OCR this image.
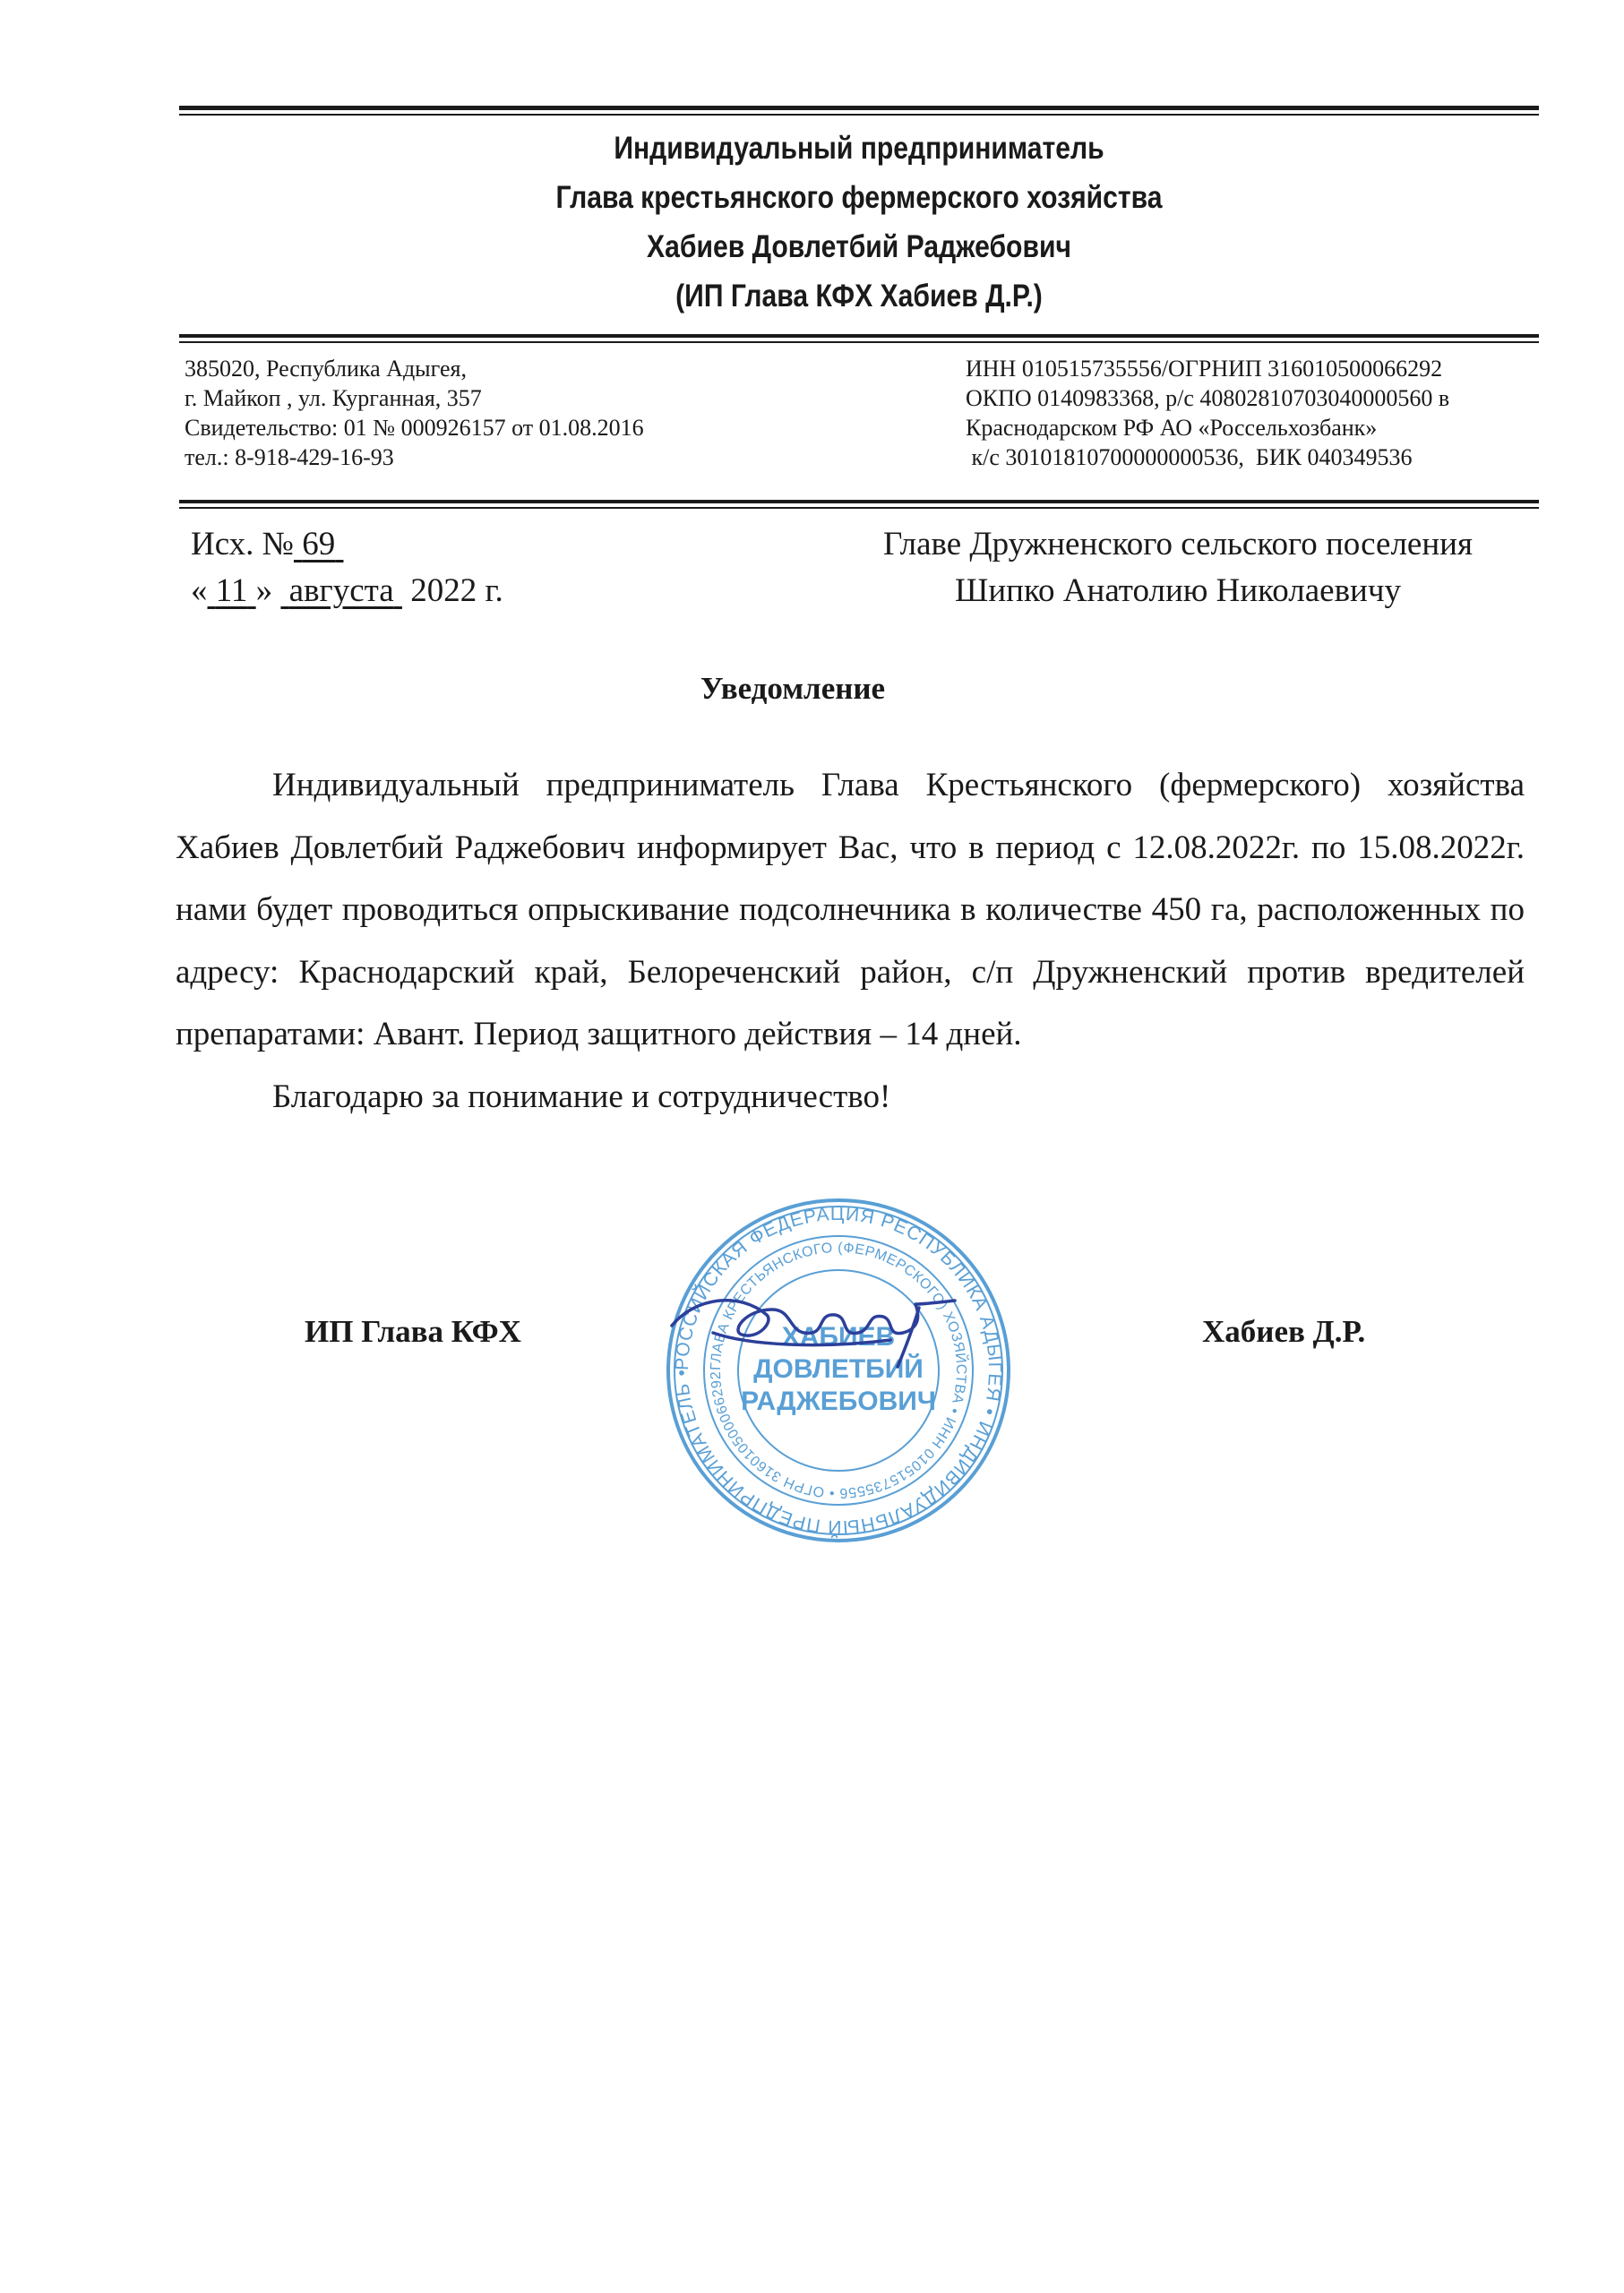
Индивидуальный предприниматель
Глава крестьянского фермерского хозяйства
Хабиев Довлетбий Раджебович
(ИП Глава КФХ Хабиев Д.Р.)
385020, Республика Адыгея,
г. Майкоп , ул. Курганная, 357
Свидетельство: 01 № 000926157 от 01.08.2016
тел.: 8-918-429-16-93
ИНН 010515735556/ОГРНИП 316010500066292
ОКПО 0140983368, р/с 40802810703040000560 в
Краснодарском РФ АО «Россельхозбанк»
к/с 30101810700000000536,  БИК 040349536
Исх. № 69
« 11 » августа 2022 г.
Главе Дружненского сельского поселения
Шипко Анатолию Николаевичу
Уведомление

Индивидуальный предприниматель Глава Крестьянского (фермерского) хозяйства Хабиев Довлетбий Раджебович информирует Вас, что в период с 12.08.2022г. по 15.08.2022г. нами будет проводиться опрыскивание подсолнечника в количестве 450 га, расположенных по адресу: Краснодарский край, Белореченский район, с/п Дружненский против вредителей препаратами: Авант. Период защитного действия – 14 дней.

Благодарю за понимание и сотрудничество!

ИП Глава КФХ	Хабиев Д.Р.
РОССИЙСКАЯ ФЕДЕРАЦИЯ РЕСПУБЛИКА АДЫГЕЯ • ИНДИВИДУАЛЬНЫЙ ПРЕДПРИНИМАТЕЛЬ •
ГЛАВА КРЕСТЬЯНСКОГО (ФЕРМЕРСКОГО) ХОЗЯЙСТВА • ИНН 010515735556 • ОГРН 316010500066292
ХАБИЕВ
ДОВЛЕТБИЙ
РАДЖЕБОВИЧ
